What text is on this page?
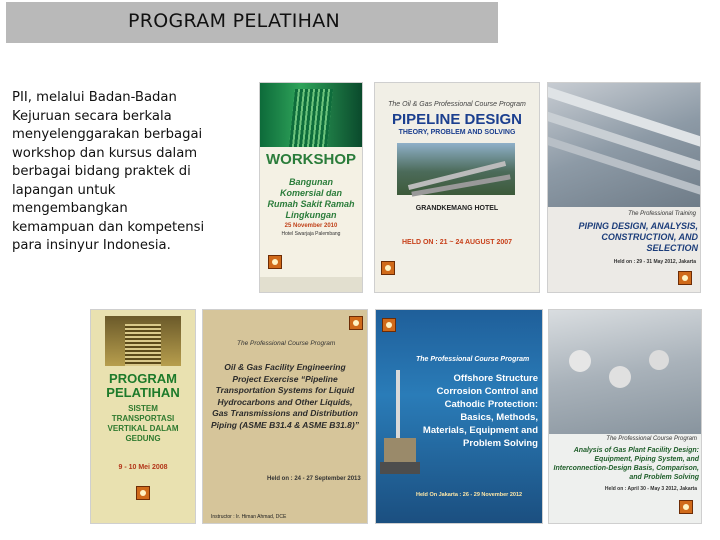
PROGRAM PELATIHAN
PII, melalui Badan-Badan Kejuruan secara berkala menyelenggarakan berbagai workshop dan kursus dalam berbagai bidang praktek di lapangan untuk mengembangkan kemampuan dan kompetensi para insinyur Indonesia.
WORKSHOP
Bangunan Komersial dan Rumah Sakit Ramah Lingkungan
25 November 2010
Hotel Swarjaja Palembang
The Oil & Gas Professional Course Program
PIPELINE DESIGN
THEORY, PROBLEM AND SOLVING
GRANDKEMANG HOTEL
HELD ON : 21 ~ 24 AUGUST 2007
The Professional Training
PIPING DESIGN, ANALYSIS, CONSTRUCTION, AND SELECTION
Held on : 29 - 31 May 2012, Jakarta
PROGRAM PELATIHAN
SISTEM TRANSPORTASI VERTIKAL DALAM GEDUNG
9 - 10 Mei 2008
The Professional Course Program
Oil & Gas Facility Engineering Project Exercise “Pipeline Transportation Systems for Liquid Hydrocarbons and Other Liquids, Gas Transmissions and Distribution Piping (ASME B31.4 & ASME B31.8)”
Held on : 24 - 27 September 2013
Instructor : Ir. Himan Ahmad, DCE
The Professional Course Program
Offshore Structure Corrosion Control and Cathodic Protection: Basics, Methods, Materials, Equipment and Problem Solving
Held On Jakarta : 26 - 29 November 2012
The Professional Course Program
Analysis of Gas Plant Facility Design: Equipment, Piping System, and Interconnection-Design Basis, Comparison, and Problem Solving
Held on : April 30 - May 3 2012, Jakarta
